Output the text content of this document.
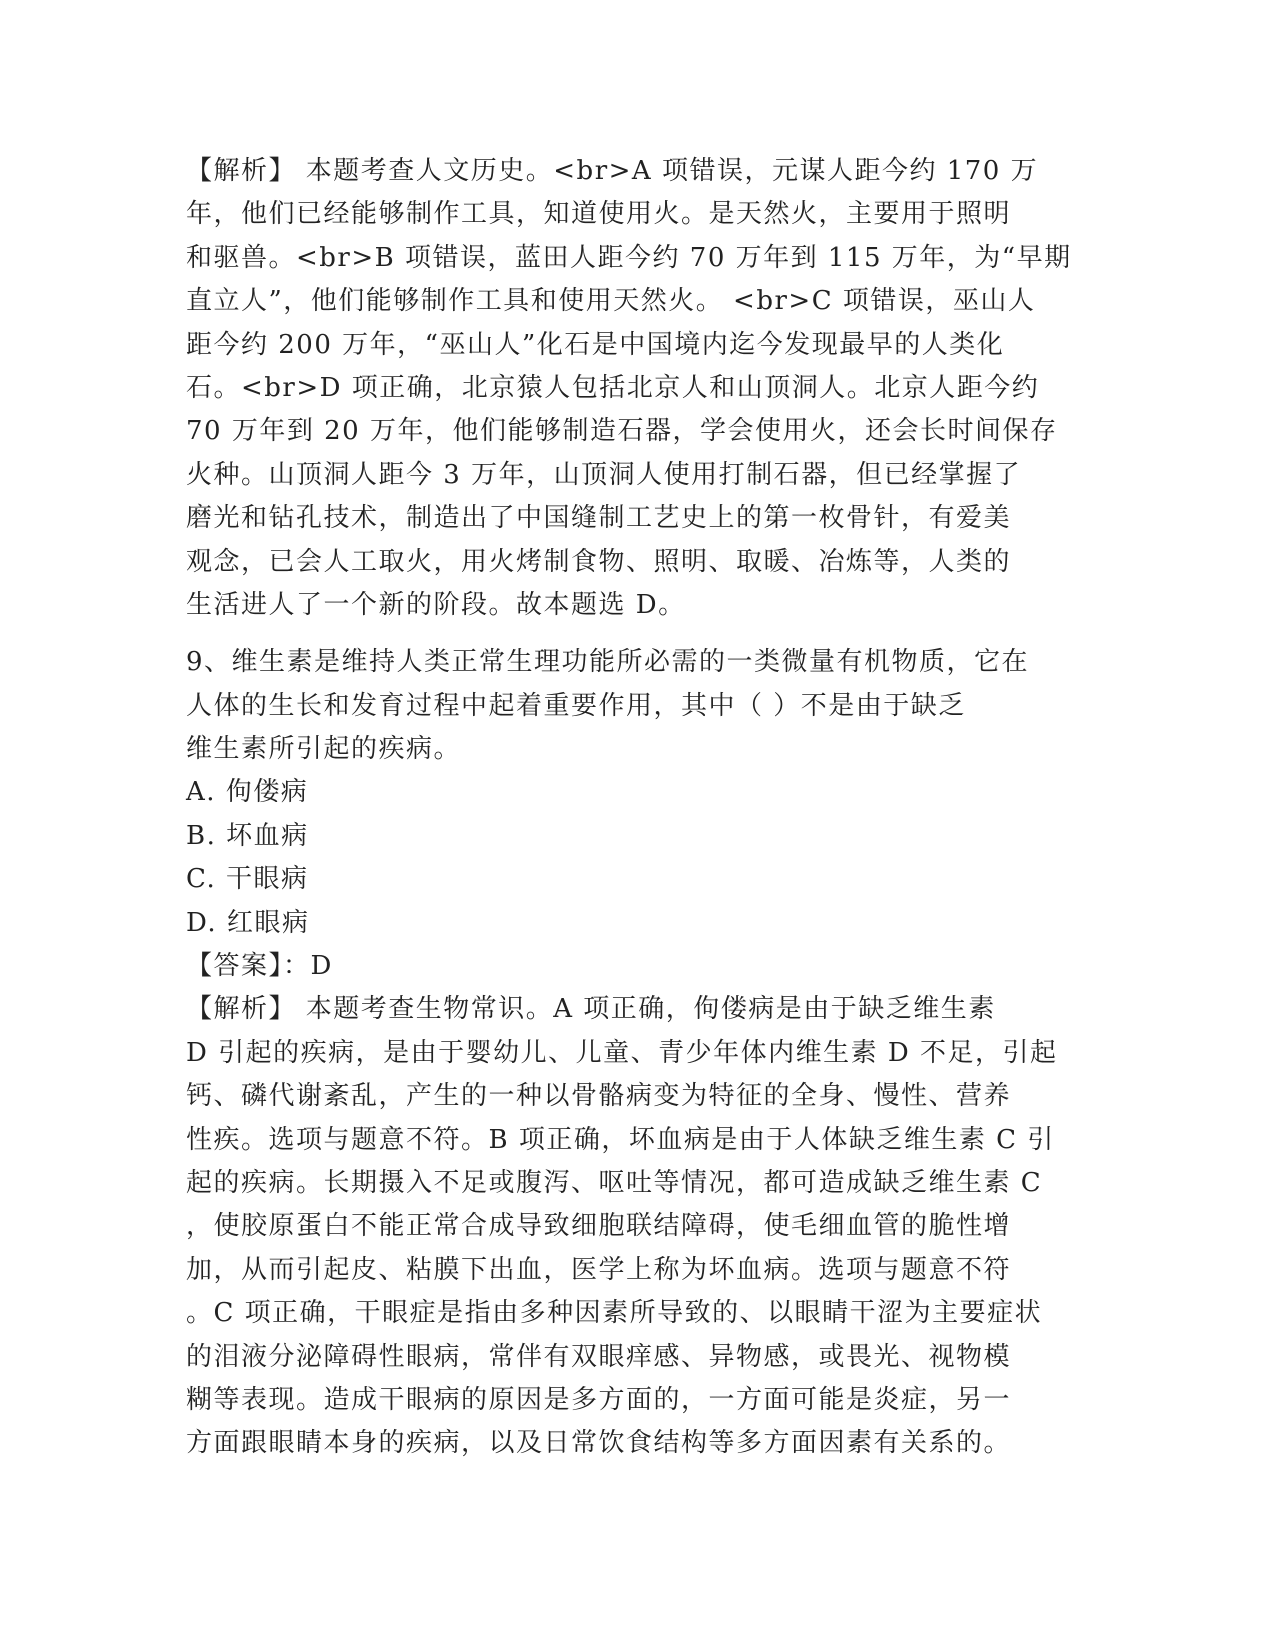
【解析】 本题考查人文历史。<br>A 项错误，元谋人距今约 170 万
年，他们已经能够制作工具，知道使用火。是天然火，主要用于照明
和驱兽。<br>B 项错误，蓝田人距今约 70 万年到 115 万年，为“早期
直立人”，他们能够制作工具和使用天然火。 <br>C 项错误，巫山人
距今约 200 万年，“巫山人”化石是中国境内迄今发现最早的人类化
石。<br>D 项正确，北京猿人包括北京人和山顶洞人。北京人距今约
70 万年到 20 万年，他们能够制造石器，学会使用火，还会长时间保存
火种。山顶洞人距今 3 万年，山顶洞人使用打制石器，但已经掌握了
磨光和钻孔技术，制造出了中国缝制工艺史上的第一枚骨针，有爱美
观念，已会人工取火，用火烤制食物、照明、取暖、冶炼等，人类的
生活进人了一个新的阶段。故本题选 D。
9、维生素是维持人类正常生理功能所必需的一类微量有机物质，它在
人体的生长和发育过程中起着重要作用，其中（ ）不是由于缺乏
维生素所引起的疾病。
A. 佝偻病
B. 坏血病
C. 干眼病
D. 红眼病
【答案】：D
【解析】 本题考查生物常识。A 项正确，佝偻病是由于缺乏维生素
D 引起的疾病，是由于婴幼儿、儿童、青少年体内维生素 D 不足，引起
钙、磷代谢紊乱，产生的一种以骨骼病变为特征的全身、慢性、营养
性疾。选项与题意不符。B 项正确，坏血病是由于人体缺乏维生素 C 引
起的疾病。长期摄入不足或腹泻、呕吐等情况，都可造成缺乏维生素 C
，使胶原蛋白不能正常合成导致细胞联结障碍，使毛细血管的脆性增
加，从而引起皮、粘膜下出血，医学上称为坏血病。选项与题意不符
。C 项正确，干眼症是指由多种因素所导致的、以眼睛干涩为主要症状
的泪液分泌障碍性眼病，常伴有双眼痒感、异物感，或畏光、视物模
糊等表现。造成干眼病的原因是多方面的，一方面可能是炎症，另一
方面跟眼睛本身的疾病，以及日常饮食结构等多方面因素有关系的。
